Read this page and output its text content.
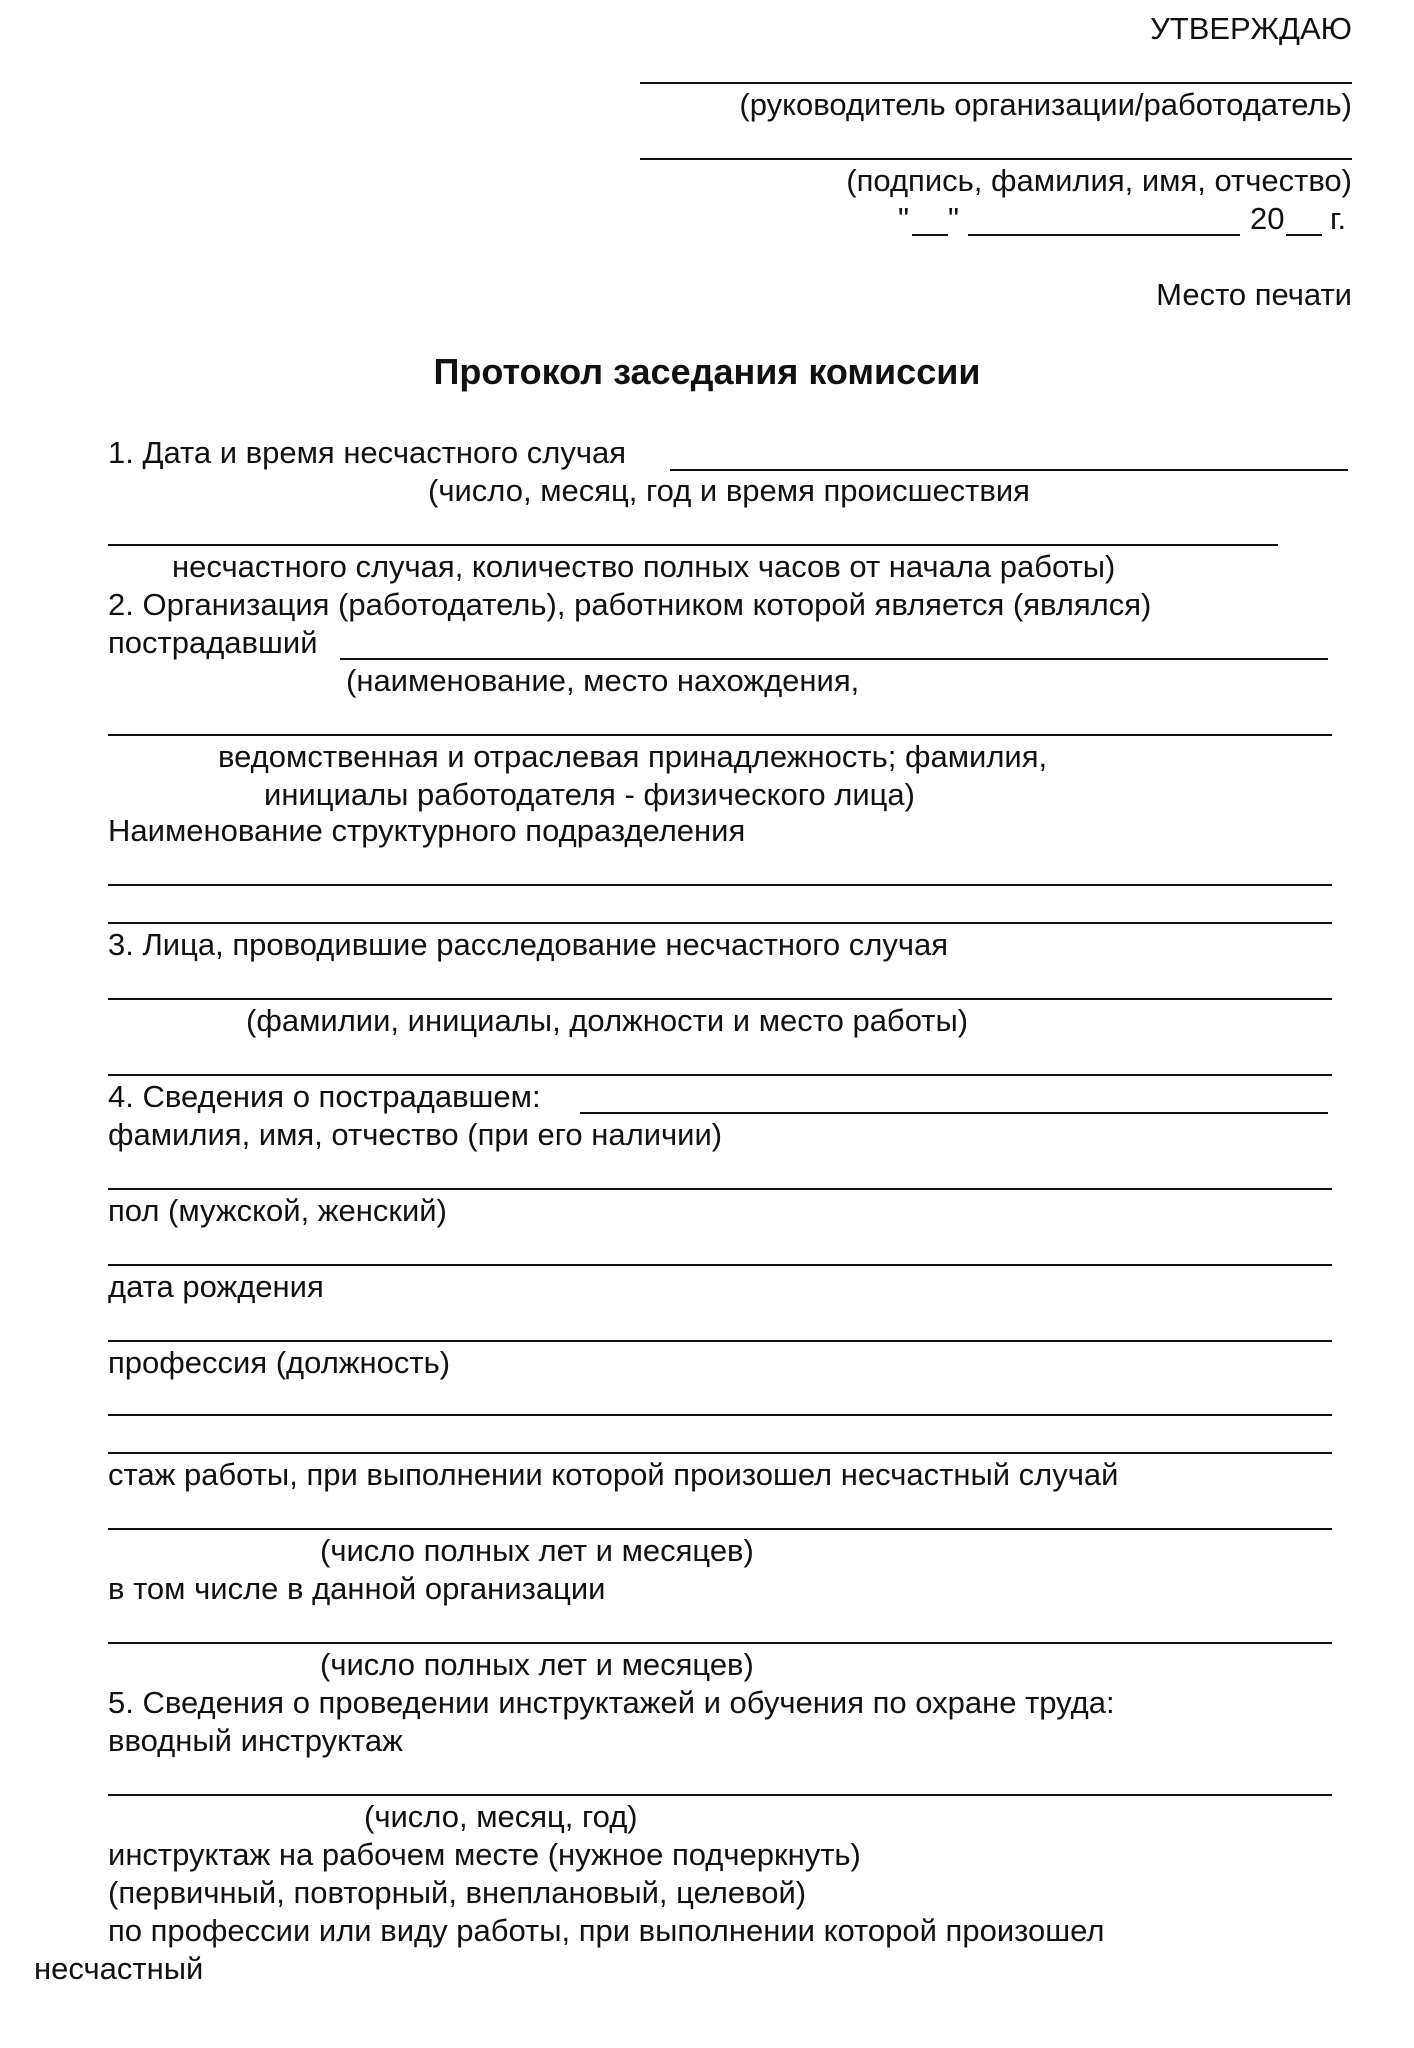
УТВЕРЖДАЮ
(руководитель организации/работодатель)
(подпись, фамилия, имя, отчество)
" "	20 г.
Место печати
Протокол заседания комиссии
1. Дата и время несчастного случая
(число, месяц, год и время происшествия
несчастного случая, количество полных часов от начала работы)
2. Организация (работодатель), работником которой является (являлся)
пострадавший
(наименование, место нахождения,
ведомственная и отраслевая принадлежность; фамилия,
инициалы работодателя - физического лица)
Наименование структурного подразделения
3. Лица, проводившие расследование несчастного случая
(фамилии, инициалы, должности и место работы)
4. Сведения о пострадавшем:
фамилия, имя, отчество (при его наличии)
пол (мужской, женский)
дата рождения
профессия (должность)
стаж работы, при выполнении которой произошел несчастный случай
(число полных лет и месяцев)
в том числе в данной организации
(число полных лет и месяцев)
5. Сведения о проведении инструктажей и обучения по охране труда:
вводный инструктаж
(число, месяц, год)
инструктаж на рабочем месте (нужное подчеркнуть)
(первичный, повторный, внеплановый, целевой)
по профессии или виду работы, при выполнении которой произошел
несчастный
